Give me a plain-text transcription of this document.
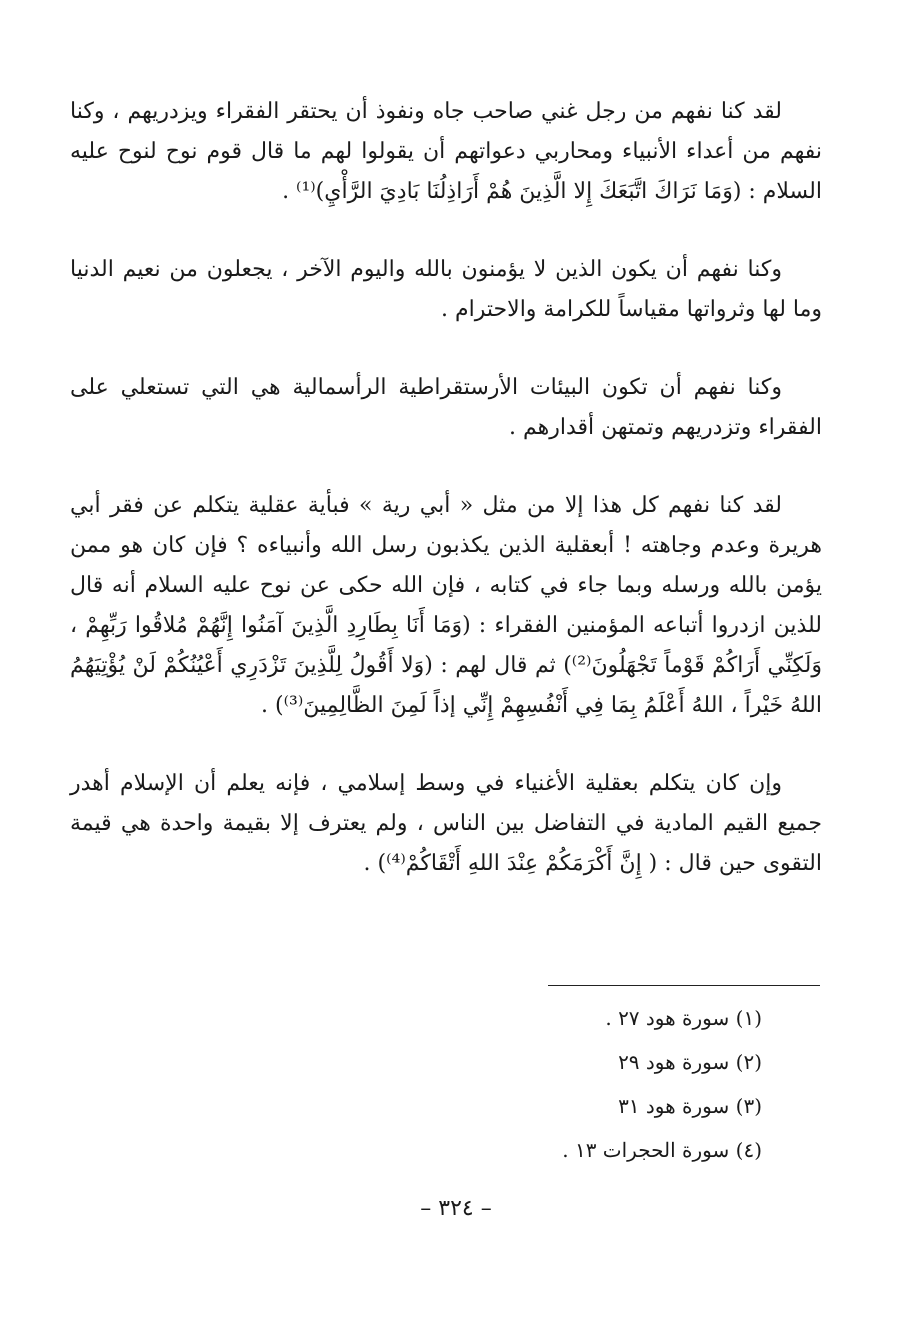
لقد كنا نفهم من رجل غني صاحب جاه ونفوذ أن يحتقر الفقراء ويزدريهم ، وكنا نفهم من أعداء الأنبياء ومحاربي دعواتهم أن يقولوا لهم ما قال قوم نوح لنوح عليه السلام : (وَمَا نَرَاكَ اتَّبَعَكَ إِلا الَّذِينَ هُمْ أَرَاذِلُنَا بَادِيَ الرَّأْيِ)⁽¹⁾ .

وكنا نفهم أن يكون الذين لا يؤمنون بالله واليوم الآخر ، يجعلون من نعيم الدنيا وما لها وثرواتها مقياساً للكرامة والاحترام .

وكنا نفهم أن تكون البيئات الأرستقراطية الرأسمالية هي التي تستعلي على الفقراء وتزدريهم وتمتهن أقدارهم .

لقد كنا نفهم كل هذا إلا من مثل « أبي رية » فبأية عقلية يتكلم عن فقر أبي هريرة وعدم وجاهته ! أبعقلية الذين يكذبون رسل الله وأنبياءه ؟ فإن كان هو ممن يؤمن بالله ورسله وبما جاء في كتابه ، فإن الله حكى عن نوح عليه السلام أنه قال للذين ازدروا أتباعه المؤمنين الفقراء : (وَمَا أَنَا بِطَارِدِ الَّذِينَ آمَنُوا إِنَّهُمْ مُلاقُوا رَبِّهِمْ ، وَلَكِنِّي أَرَاكُمْ قَوْماً تَجْهَلُونَ⁽²⁾) ثم قال لهم : (وَلا أَقُولُ لِلَّذِينَ تَزْدَرِي أَعْيُنُكُمْ لَنْ يُؤْتِيَهُمُ اللهُ خَيْراً ، اللهُ أَعْلَمُ بِمَا فِي أَنْفُسِهِمْ إِنِّي إذاً لَمِنَ الظَّالِمِينَ⁽³⁾) .

وإن كان يتكلم بعقلية الأغنياء في وسط إسلامي ، فإنه يعلم أن الإسلام أهدر جميع القيم المادية في التفاضل بين الناس ، ولم يعترف إلا بقيمة واحدة هي قيمة التقوى حين قال : ( إِنَّ أَكْرَمَكُمْ عِنْدَ اللهِ أَتْقَاكُمْ⁽⁴⁾) .

(١) سورة هود ٢٧ .

(٢) سورة هود ٢٩

(٣) سورة هود ٣١

(٤) سورة الحجرات ١٣ .

– ٣٢٤ –
